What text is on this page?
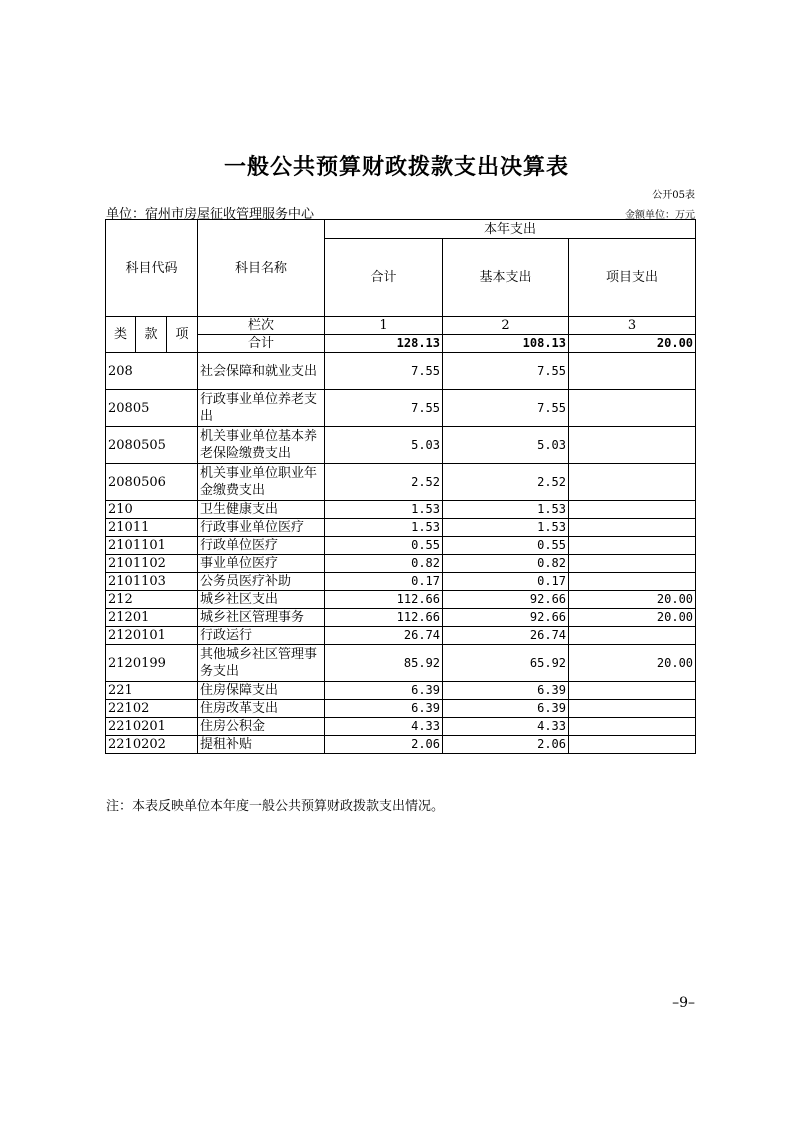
一般公共预算财政拨款支出决算表
公开05表
单位：宿州市房屋征收管理服务中心	金额单位：万元
科目代码			科目名称	本年支出		
				合计	基本支出	项目支出
类	款	项	栏次	1	2	3
			合计	128.13	108.13	20.00
208			社会保障和就业支出	7.55	7.55	
20805			行政事业单位养老支出	7.55	7.55	
2080505			机关事业单位基本养老保险缴费支出	5.03	5.03	
2080506			机关事业单位职业年金缴费支出	2.52	2.52	
210			卫生健康支出	1.53	1.53	
21011			行政事业单位医疗	1.53	1.53	
2101101			行政单位医疗	0.55	0.55	
2101102			事业单位医疗	0.82	0.82	
2101103			公务员医疗补助	0.17	0.17	
212			城乡社区支出	112.66	92.66	20.00
21201			城乡社区管理事务	112.66	92.66	20.00
2120101			行政运行	26.74	26.74	
2120199			其他城乡社区管理事务支出	85.92	65.92	20.00
221			住房保障支出	6.39	6.39	
22102			住房改革支出	6.39	6.39	
2210201			住房公积金	4.33	4.33	
2210202			提租补贴	2.06	2.06	
注：本表反映单位本年度一般公共预算财政拨款支出情况。
–9–
